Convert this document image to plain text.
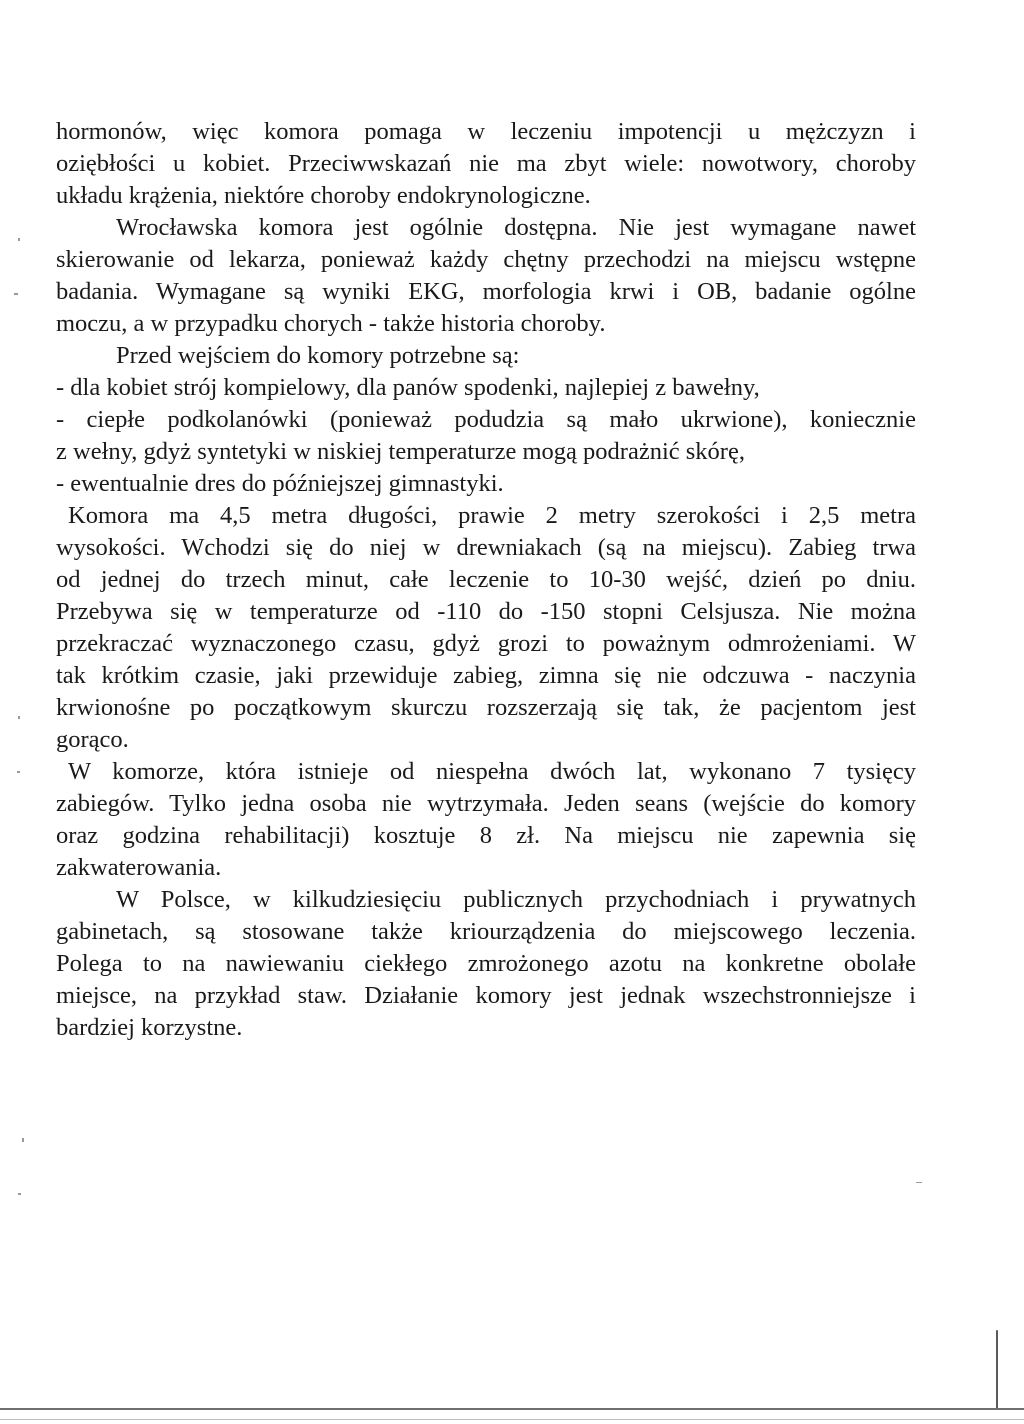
hormonów, więc komora pomaga w leczeniu impotencji u mężczyzn i
oziębłości u kobiet. Przeciwwskazań nie ma zbyt wiele: nowotwory, choroby
układu krążenia, niektóre choroby endokrynologiczne.

Wrocławska komora jest ogólnie dostępna. Nie jest wymagane nawet
skierowanie od lekarza, ponieważ każdy chętny przechodzi na miejscu wstępne
badania. Wymagane są wyniki EKG, morfologia krwi i OB, badanie ogólne
moczu, a w przypadku chorych - także historia choroby.

Przed wejściem do komory potrzebne są:

- dla kobiet strój kompielowy, dla panów spodenki, najlepiej z bawełny,

- ciepłe podkolanówki (ponieważ podudzia są mało ukrwione), koniecznie
z wełny, gdyż syntetyki w niskiej temperaturze mogą podrażnić skórę,

- ewentualnie dres do późniejszej gimnastyki.

Komora ma 4,5 metra długości, prawie 2 metry szerokości i 2,5 metra
wysokości. Wchodzi się do niej w drewniakach (są na miejscu). Zabieg trwa
od jednej do trzech minut, całe leczenie to 10-30 wejść, dzień po dniu.
Przebywa się w temperaturze od -110 do -150 stopni Celsjusza. Nie można
przekraczać wyznaczonego czasu, gdyż grozi to poważnym odmrożeniami. W
tak krótkim czasie, jaki przewiduje zabieg, zimna się nie odczuwa - naczynia
krwionośne po początkowym skurczu rozszerzają się tak, że pacjentom jest
gorąco.

W komorze, która istnieje od niespełna dwóch lat, wykonano 7 tysięcy
zabiegów. Tylko jedna osoba nie wytrzymała. Jeden seans (wejście do komory
oraz godzina rehabilitacji) kosztuje 8 zł. Na miejscu nie zapewnia się
zakwaterowania.

W Polsce, w kilkudziesięciu publicznych przychodniach i prywatnych
gabinetach, są stosowane także kriourządzenia do miejscowego leczenia.
Polega to na nawiewaniu ciekłego zmrożonego azotu na konkretne obolałe
miejsce, na przykład staw. Działanie komory jest jednak wszechstronniejsze i
bardziej korzystne.
